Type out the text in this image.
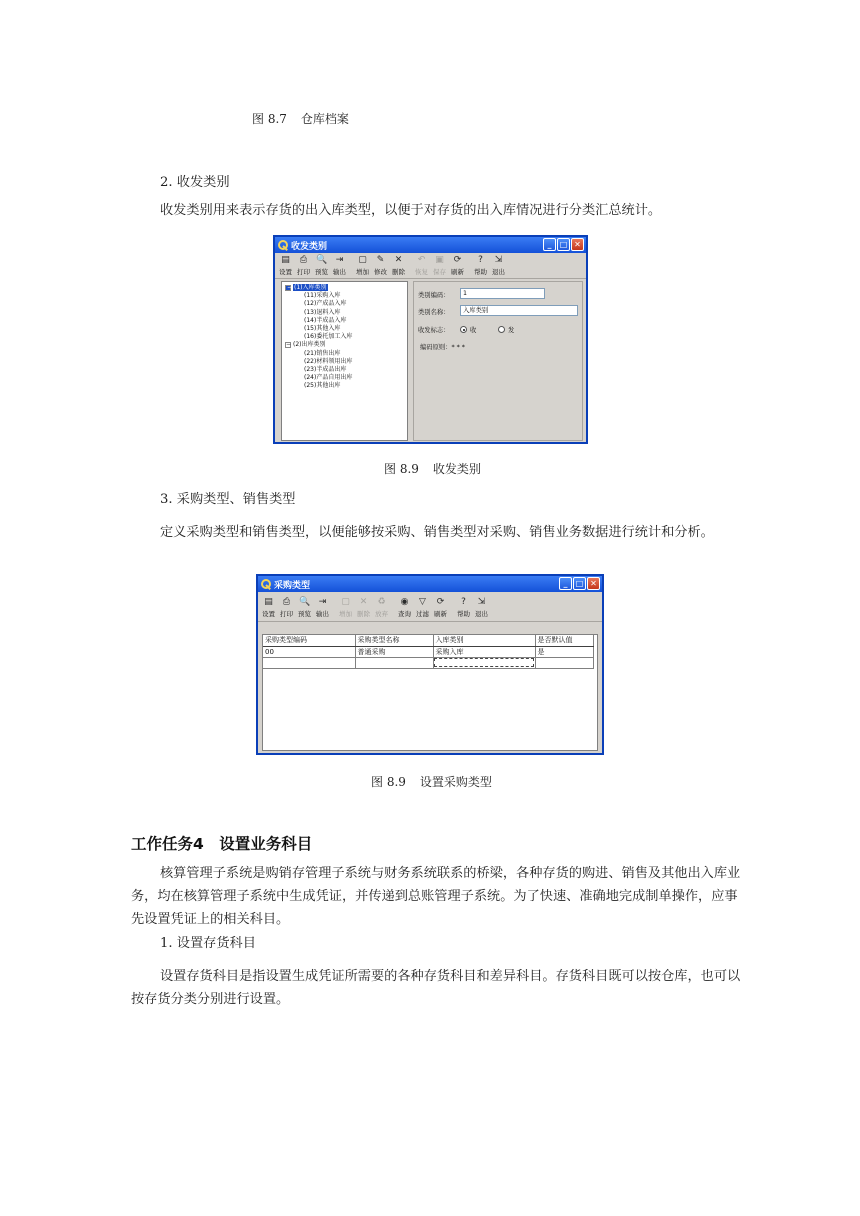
图 8.7 仓库档案
2. 收发类别
收发类别用来表示存货的出入库类型，以便于对存货的出入库情况进行分类汇总统计。
收发类别	_	□ ✕
▤
设置
⎙
打印
🔍
预览
⇥
输出
▢
增加
✎
修改
✕
删除
↶
恢复
▣
保存
⟳
刷新
?
帮助
⇲
退出
− (1)入库类别
(11)采购入库
(12)产成品入库
(13)退料入库
(14)半成品入库
(15)其他入库
(16)委托加工入库
− (2)出库类别
(21)销售出库
(22)材料领用出库
(23)半成品出库
(24)产品自用出库
(25)其他出库
类别编码：	1
类别名称：	入库类别
收发标志：	收	发
编码原则：* * *
图 8.9 收发类别
3. 采购类型、销售类型
定义采购类型和销售类型，以便能够按采购、销售类型对采购、销售业务数据进行统计和分析。
采购类型	_	□ ✕
▤
设置
⎙
打印
🔍
预览
⇥
输出
▢
增加
✕
删除
♻
放弃
◉
查询
▽
过滤
⟳
刷新
?
帮助
⇲
退出
采购类型编码	采购类型名称	入库类别	是否默认值
00	普通采购	采购入库	是

图 8.9 设置采购类型
工作任务4　设置业务科目
核算管理子系统是购销存管理子系统与财务系统联系的桥梁，各种存货的购进、销售及其他出入库业务，均在核算管理子系统中生成凭证，并传递到总账管理子系统。为了快速、准确地完成制单操作，应事先设置凭证上的相关科目。
1. 设置存货科目
设置存货科目是指设置生成凭证所需要的各种存货科目和差异科目。存货科目既可以按仓库，也可以按存货分类分别进行设置。
